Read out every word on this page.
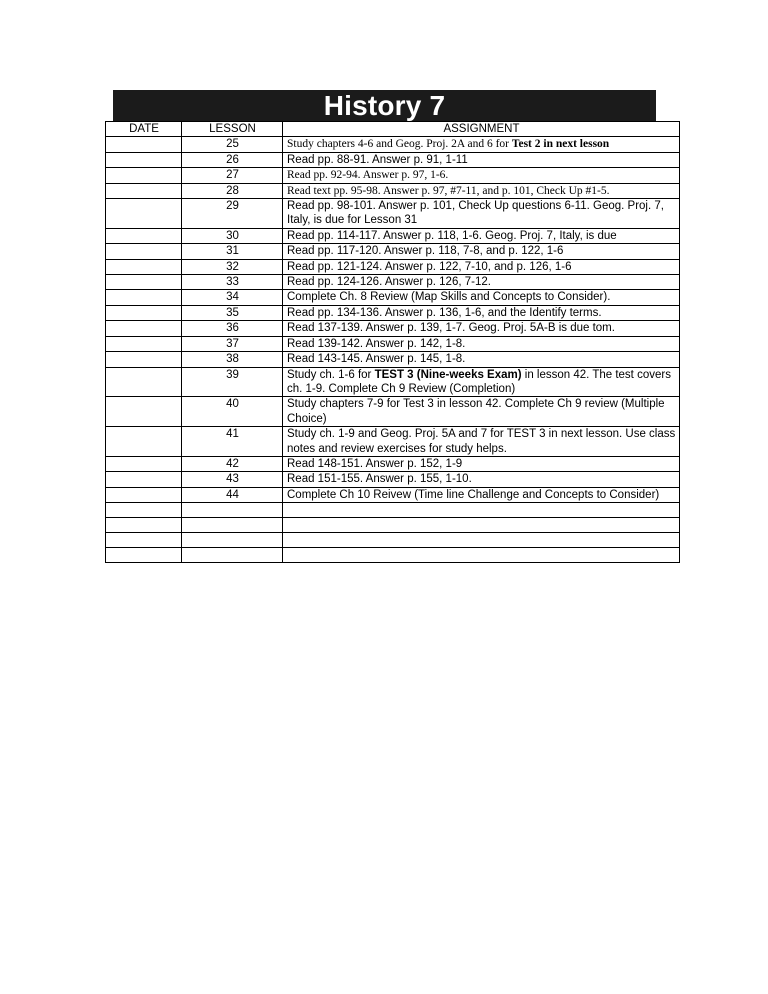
History 7
DATE	LESSON	ASSIGNMENT
	25	Study chapters 4-6 and Geog. Proj. 2A and 6 for Test 2 in next lesson
	26	Read pp. 88-91. Answer p. 91, 1-11
	27	Read pp. 92-94. Answer p. 97, 1-6.
	28	Read text pp. 95-98. Answer p. 97, #7-11, and p. 101, Check Up #1-5.
	29	Read pp. 98-101. Answer p. 101, Check Up questions 6-11. Geog. Proj. 7, Italy, is due for Lesson 31
	30	Read pp. 114-117. Answer p. 118, 1-6. Geog. Proj. 7, Italy, is due
	31	Read pp. 117-120. Answer p. 118, 7-8, and p. 122, 1-6
	32	Read pp. 121-124. Answer p. 122, 7-10, and p. 126, 1-6
	33	Read pp. 124-126. Answer p. 126, 7-12.
	34	Complete Ch. 8 Review (Map Skills and Concepts to Consider).
	35	Read pp. 134-136. Answer p. 136, 1-6, and the Identify terms.
	36	Read 137-139. Answer p. 139, 1-7. Geog. Proj. 5A-B is due tom.
	37	Read 139-142. Answer p. 142, 1-8.
	38	Read 143-145. Answer p. 145, 1-8.
	39	Study ch. 1-6 for TEST 3 (Nine-weeks Exam) in lesson 42. The test covers ch. 1-9. Complete Ch 9 Review (Completion)
	40	Study chapters 7-9 for Test 3 in lesson 42. Complete Ch 9 review (Multiple Choice)
	41	Study ch. 1-9 and Geog. Proj. 5A and 7 for TEST 3 in next lesson. Use class notes and review exercises for study helps.
	42	Read 148-151. Answer p. 152, 1-9
	43	Read 151-155. Answer p. 155, 1-10.
	44	Complete Ch 10 Reivew (Time line Challenge and Concepts to Consider)
